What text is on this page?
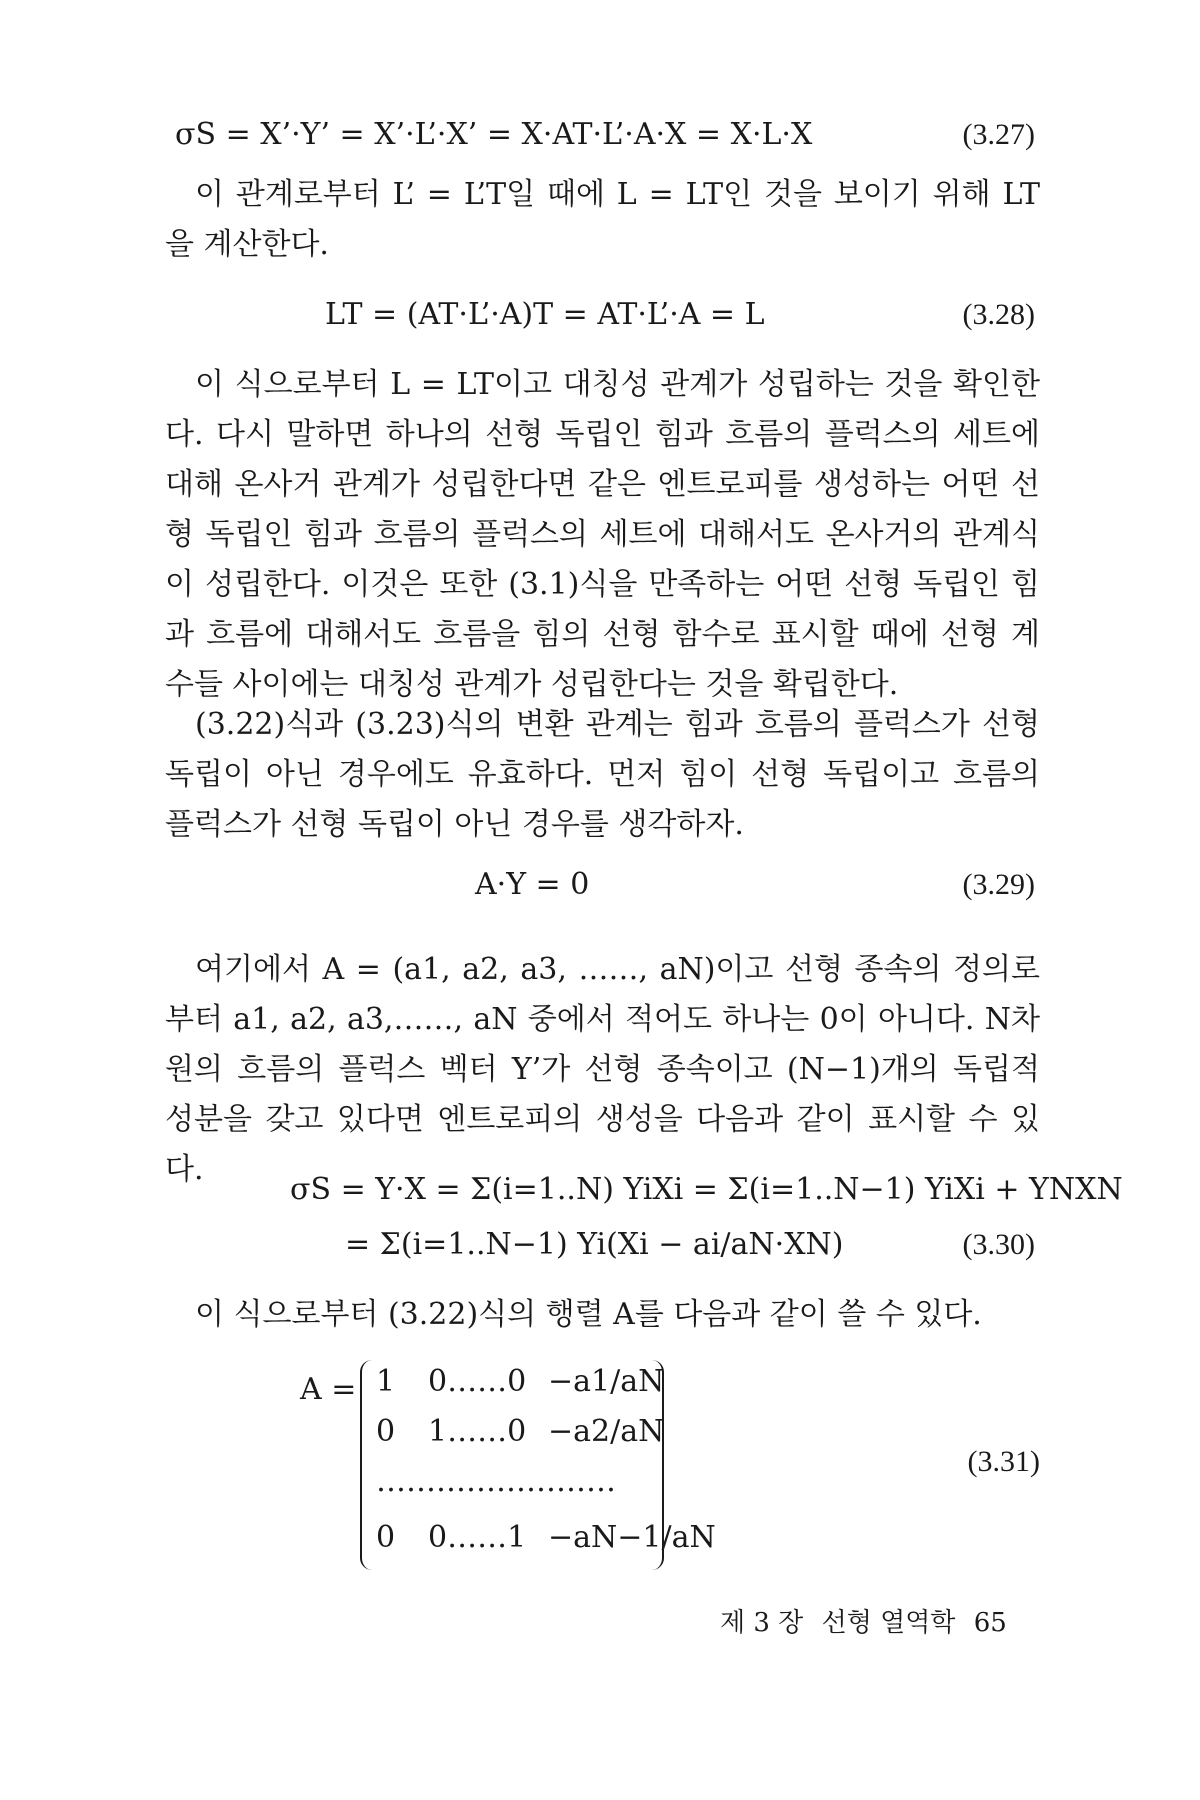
σS = X’·Y’ = X’·L’·X’ = X·AT·L’·A·X = X·L·X	(3.27)

이 관계로부터 L’ = L’T일 때에 L = LT인 것을 보이기 위해 LT을 계산한다.

LT = (AT·L’·A)T = AT·L’·A = L	(3.28)

이 식으로부터 L = LT이고 대칭성 관계가 성립하는 것을 확인한다. 다시 말하면 하나의 선형 독립인 힘과 흐름의 플럭스의 세트에 대해 온사거 관계가 성립한다면 같은 엔트로피를 생성하는 어떤 선형 독립인 힘과 흐름의 플럭스의 세트에 대해서도 온사거의 관계식이 성립한다. 이것은 또한 (3.1)식을 만족하는 어떤 선형 독립인 힘과 흐름에 대해서도 흐름을 힘의 선형 함수로 표시할 때에 선형 계수들 사이에는 대칭성 관계가 성립한다는 것을 확립한다.

(3.22)식과 (3.23)식의 변환 관계는 힘과 흐름의 플럭스가 선형독립이 아닌 경우에도 유효하다. 먼저 힘이 선형 독립이고 흐름의 플럭스가 선형 독립이 아닌 경우를 생각하자.

A·Y = 0	(3.29)

여기에서 A = (a1, a2, a3, ……, aN)이고 선형 종속의 정의로부터 a1, a2, a3,……, aN 중에서 적어도 하나는 0이 아니다. N차원의 흐름의 플럭스 벡터 Y’가 선형 종속이고 (N−1)개의 독립적 성분을 갖고 있다면 엔트로피의 생성을 다음과 같이 표시할 수 있다.

σS = Y·X = Σ(i=1..N) YiXi = Σ(i=1..N−1) YiXi + YNXN
= Σ(i=1..N−1) Yi(Xi − ai/aN·XN)	(3.30)

이 식으로부터 (3.22)식의 행렬 A를 다음과 같이 쓸 수 있다.

A = 1 0……0 −a1/aN
0 1……0 −a2/aN
……………………
0 0……1 −aN−1/aN
(3.31)
제 3 장 선형 열역학 65
